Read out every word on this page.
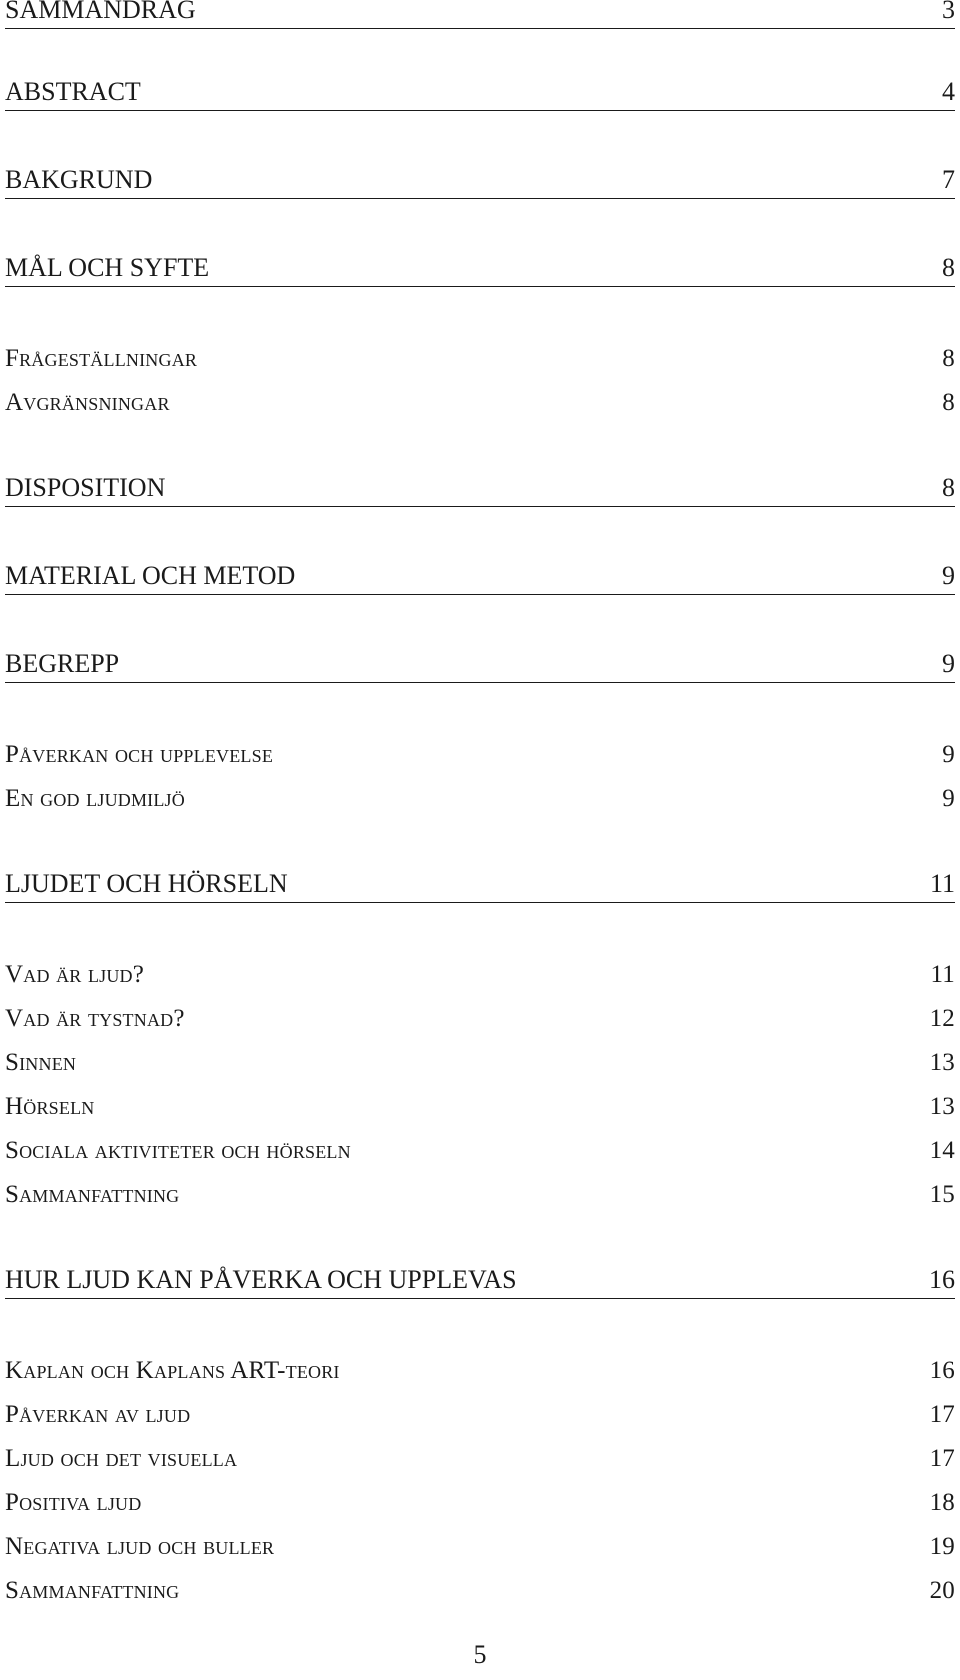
SAMMANDRAG	3
ABSTRACT	4
BAKGRUND	7
MÅL OCH SYFTE	8
Frågeställningar	8
Avgränsningar	8
DISPOSITION	8
MATERIAL OCH METOD	9
BEGREPP	9
Påverkan och upplevelse	9
En god ljudmiljö	9
LJUDET OCH HÖRSELN	11
Vad är ljud?	11
Vad är tystnad?	12
Sinnen	13
Hörseln	13
Sociala aktiviteter och hörseln	14
Sammanfattning	15
HUR LJUD KAN PÅVERKA OCH UPPLEVAS	16
Kaplan och Kaplans ART-teori	16
Påverkan av ljud	17
Ljud och det visuella	17
Positiva ljud	18
Negativa ljud och buller	19
Sammanfattning	20
5
